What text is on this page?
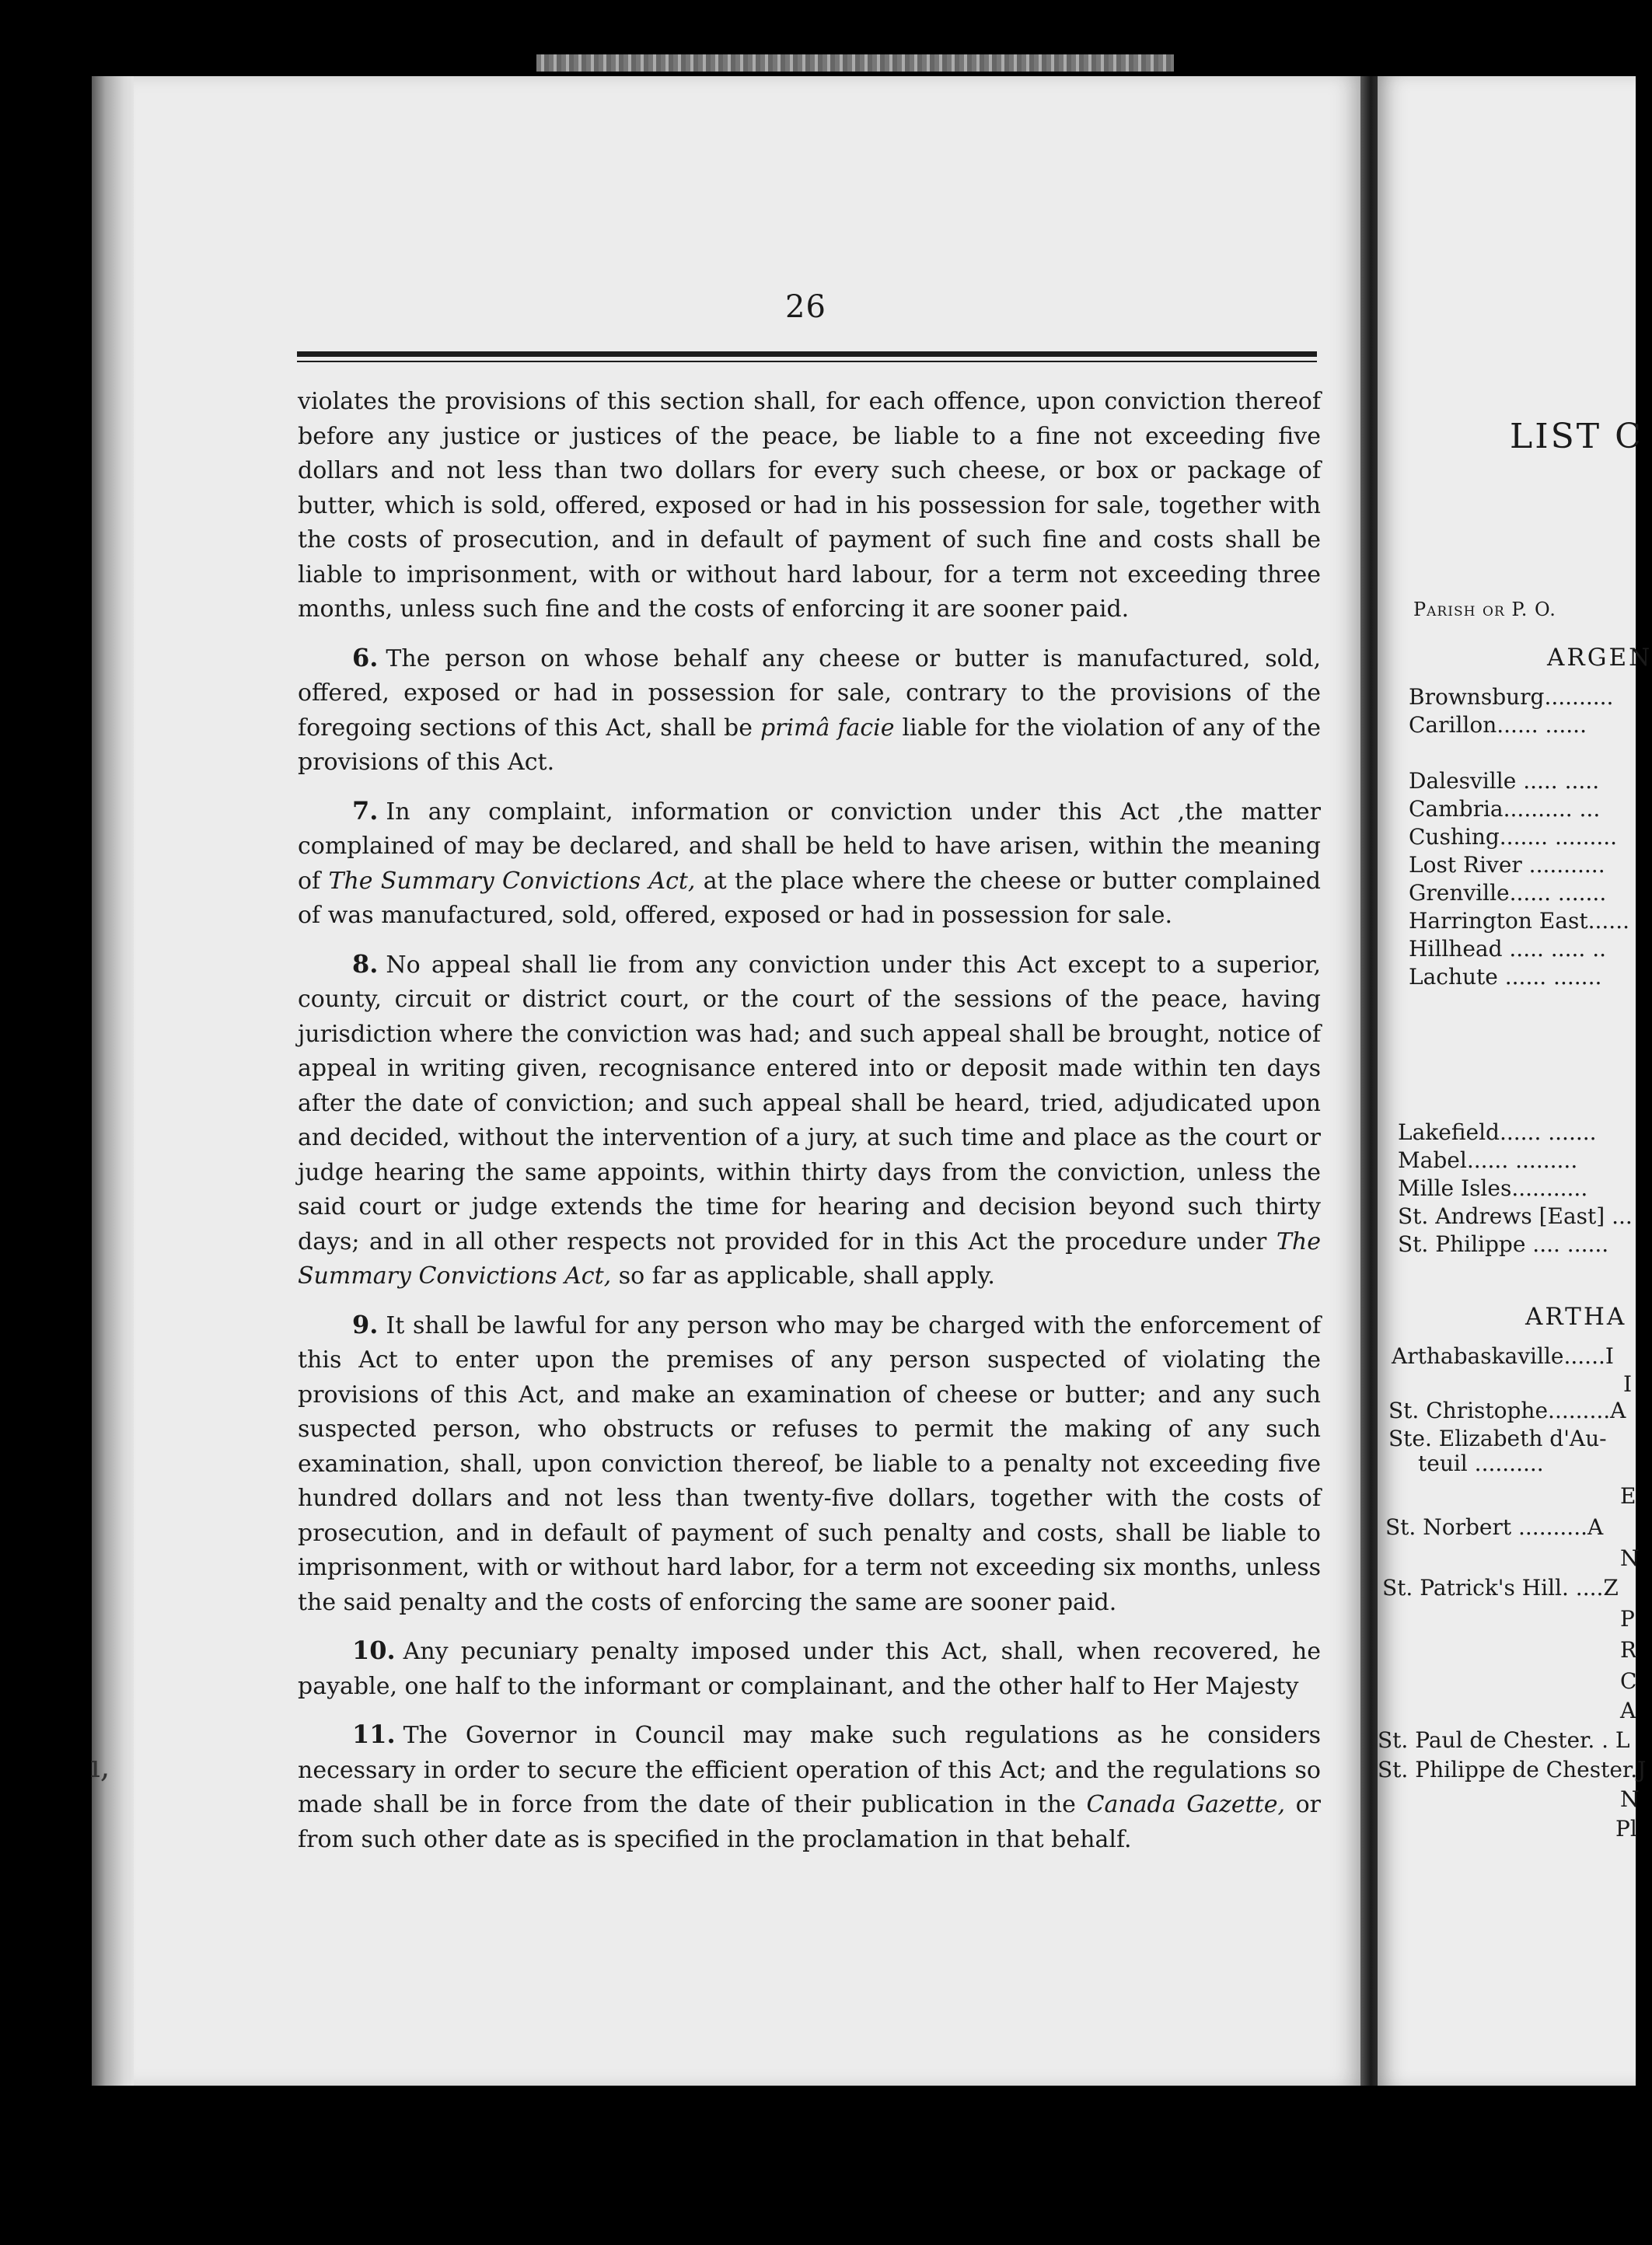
ı,
26

violates the provisions of this section shall, for each offence, upon conviction thereof before any justice or justices of the peace, be liable to a fine not exceeding five dollars and not less than two dollars for every such cheese, or box or package of butter, which is sold, offered, exposed or had in his possession for sale, together with the costs of prosecution, and in default of payment of such fine and costs shall be liable to imprisonment, with or without hard labour, for a term not exceeding three months, unless such fine and the costs of enforcing it are sooner paid.

6. The person on whose behalf any cheese or butter is manufactured, sold, offered, exposed or had in possession for sale, contrary to the provisions of the foregoing sections of this Act, shall be primâ facie liable for the violation of any of the provisions of this Act.

7. In any complaint, information or conviction under this Act ,the matter complained of may be declared, and shall be held to have arisen, within the meaning of The Summary Convictions Act, at the place where the cheese or butter complained of was manufactured, sold, offered, exposed or had in possession for sale.

8. No appeal shall lie from any conviction under this Act except to a superior, county, circuit or district court, or the court of the sessions of the peace, having jurisdiction where the conviction was had; and such appeal shall be brought, notice of appeal in writing given, recognisance entered into or deposit made within ten days after the date of conviction; and such appeal shall be heard, tried, adjudicated upon and decided, without the intervention of a jury, at such time and place as the court or judge hearing the same appoints, within thirty days from the conviction, unless the said court or judge extends the time for hearing and decision beyond such thirty days; and in all other respects not provided for in this Act the procedure under The Summary Convictions Act, so far as applicable, shall apply.

9. It shall be lawful for any person who may be charged with the enforcement of this Act to enter upon the premises of any person suspected of violating the provisions of this Act, and make an examination of cheese or butter; and any such suspected person, who obstructs or refuses to permit the making of any such examination, shall, upon conviction thereof, be liable to a penalty not exceeding five hundred dollars and not less than twenty-five dollars, together with the costs of prosecution, and in default of payment of such penalty and costs, shall be liable to imprisonment, with or without hard labor, for a term not exceeding six months, unless the said penalty and the costs of enforcing the same are sooner paid.

10. Any pecuniary penalty imposed under this Act, shall, when recovered, he payable, one half to the informant or complainant, and the other half to Her Majesty

11. The Governor in Council may make such regulations as he considers necessary in order to secure the efficient operation of this Act; and the regulations so made shall be in force from the date of their publication in the Canada Gazette, or from such other date as is specified in the proclamation in that behalf.

LIST C
Parish or P. O.
ARGEN
Brownsburg..........
Carillon...... ......
Dalesville ..... .....
Cambria.......... ...
Cushing....... .........
Lost River ...........
Grenville...... .......
Harrington East......
Hillhead ..... ..... ..
Lachute ...... .......
Lakefield...... .......
Mabel...... .........
Mille Isles...........
St. Andrews [East] ...
St. Philippe .... ......
ARTHA
Arthabaskaville......I
I
St. Christophe.........A
Ste. Elizabeth d'Au-
teuil ..........
E
St. Norbert ..........A
N
St. Patrick's Hill. ....Z
P
R
C
A
St. Paul de Chester. . L
St. Philippe de Chester.J
N
Pl
